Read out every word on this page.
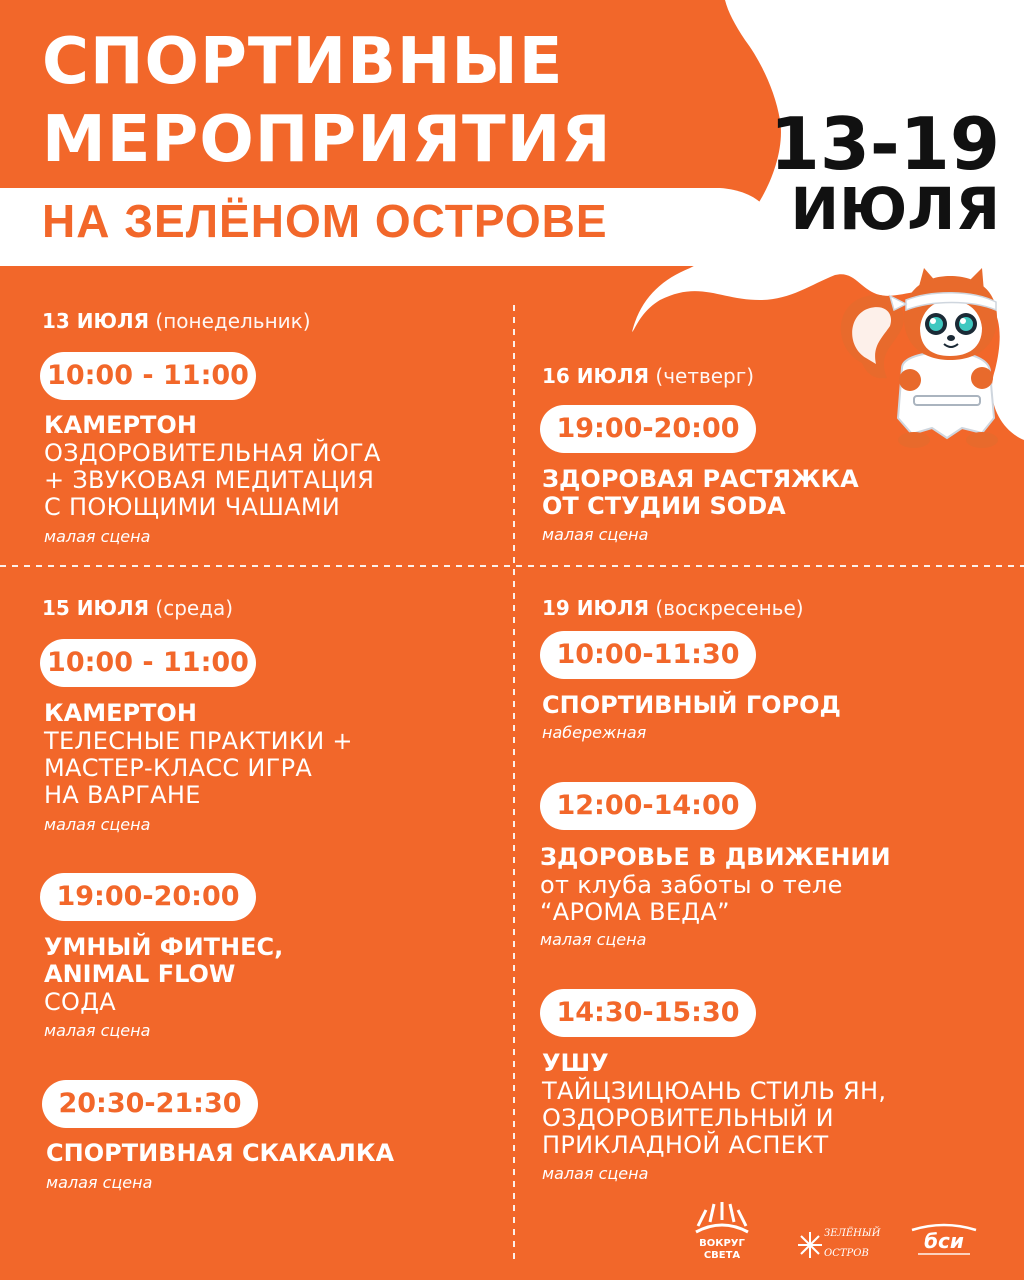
СПОРТИВНЫЕ
МЕРОПРИЯТИЯ
НА ЗЕЛЁНОМ ОСТРОВЕ
13-19
ИЮЛЯ
13 ИЮЛЯ (понедельник)
10:00 - 11:00
КАМЕРТОН
ОЗДОРОВИТЕЛЬНАЯ ЙОГА
+ ЗВУКОВАЯ МЕДИТАЦИЯ
С ПОЮЩИМИ ЧАШАМИ
малая сцена
16 ИЮЛЯ (четверг)
19:00-20:00
ЗДОРОВАЯ РАСТЯЖКА
ОТ СТУДИИ SODA
малая сцена
15 ИЮЛЯ (среда)
10:00 - 11:00
КАМЕРТОН
ТЕЛЕСНЫЕ ПРАКТИКИ +
МАСТЕР-КЛАСС ИГРА
НА ВАРГАНЕ
малая сцена
19:00-20:00
УМНЫЙ ФИТНЕС,
ANIMAL FLOW
СОДА
малая сцена
20:30-21:30
СПОРТИВНАЯ СКАКАЛКА
малая сцена
19 ИЮЛЯ (воскресенье)
10:00-11:30
СПОРТИВНЫЙ ГОРОД
набережная
12:00-14:00
ЗДОРОВЬЕ В ДВИЖЕНИИ
от клуба заботы о теле
“АРОМА ВЕДА”
малая сцена
14:30-15:30
УШУ
ТАЙЦЗИЦЮАНЬ СТИЛЬ ЯН,
ОЗДОРОВИТЕЛЬНЫЙ И
ПРИКЛАДНОЙ АСПЕКТ
малая сцена
ВОКРУГ
СВЕТА
ЗЕЛЁНЫЙ
ОСТРОВ
бси
